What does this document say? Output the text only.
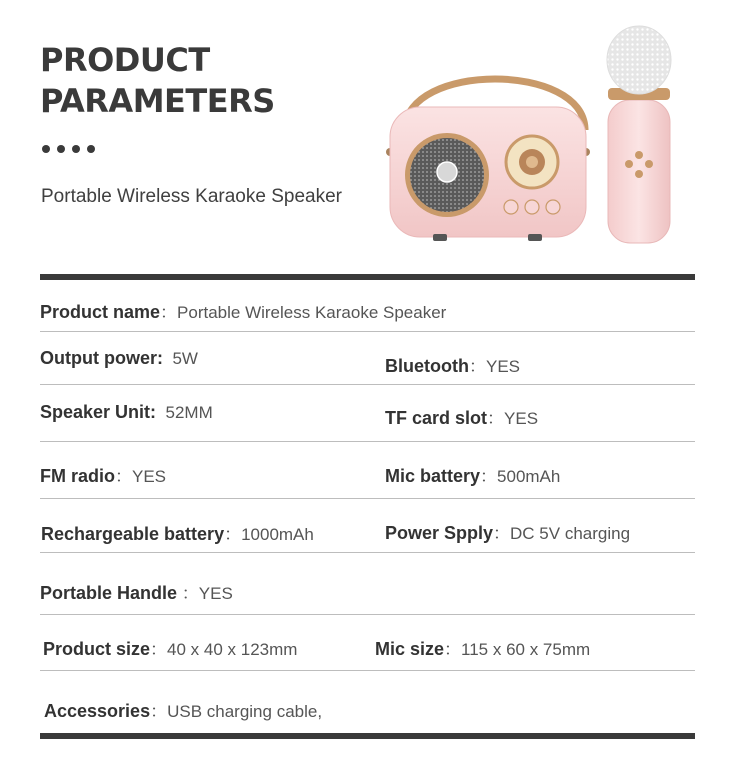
PRODUCT
PARAMETERS
Portable Wireless Karaoke Speaker
Product name：Portable Wireless Karaoke Speaker
Output power: 5W	Bluetooth：YES
Speaker Unit: 52MM	TF card slot：YES
FM radio：YES	Mic battery：500mAh
Rechargeable battery：1000mAh	Power Spply：DC 5V charging
Portable Handle ：YES
Product size：40 x 40 x 123mm	Mic size：115 x 60 x 75mm
Accessories：USB charging cable,
